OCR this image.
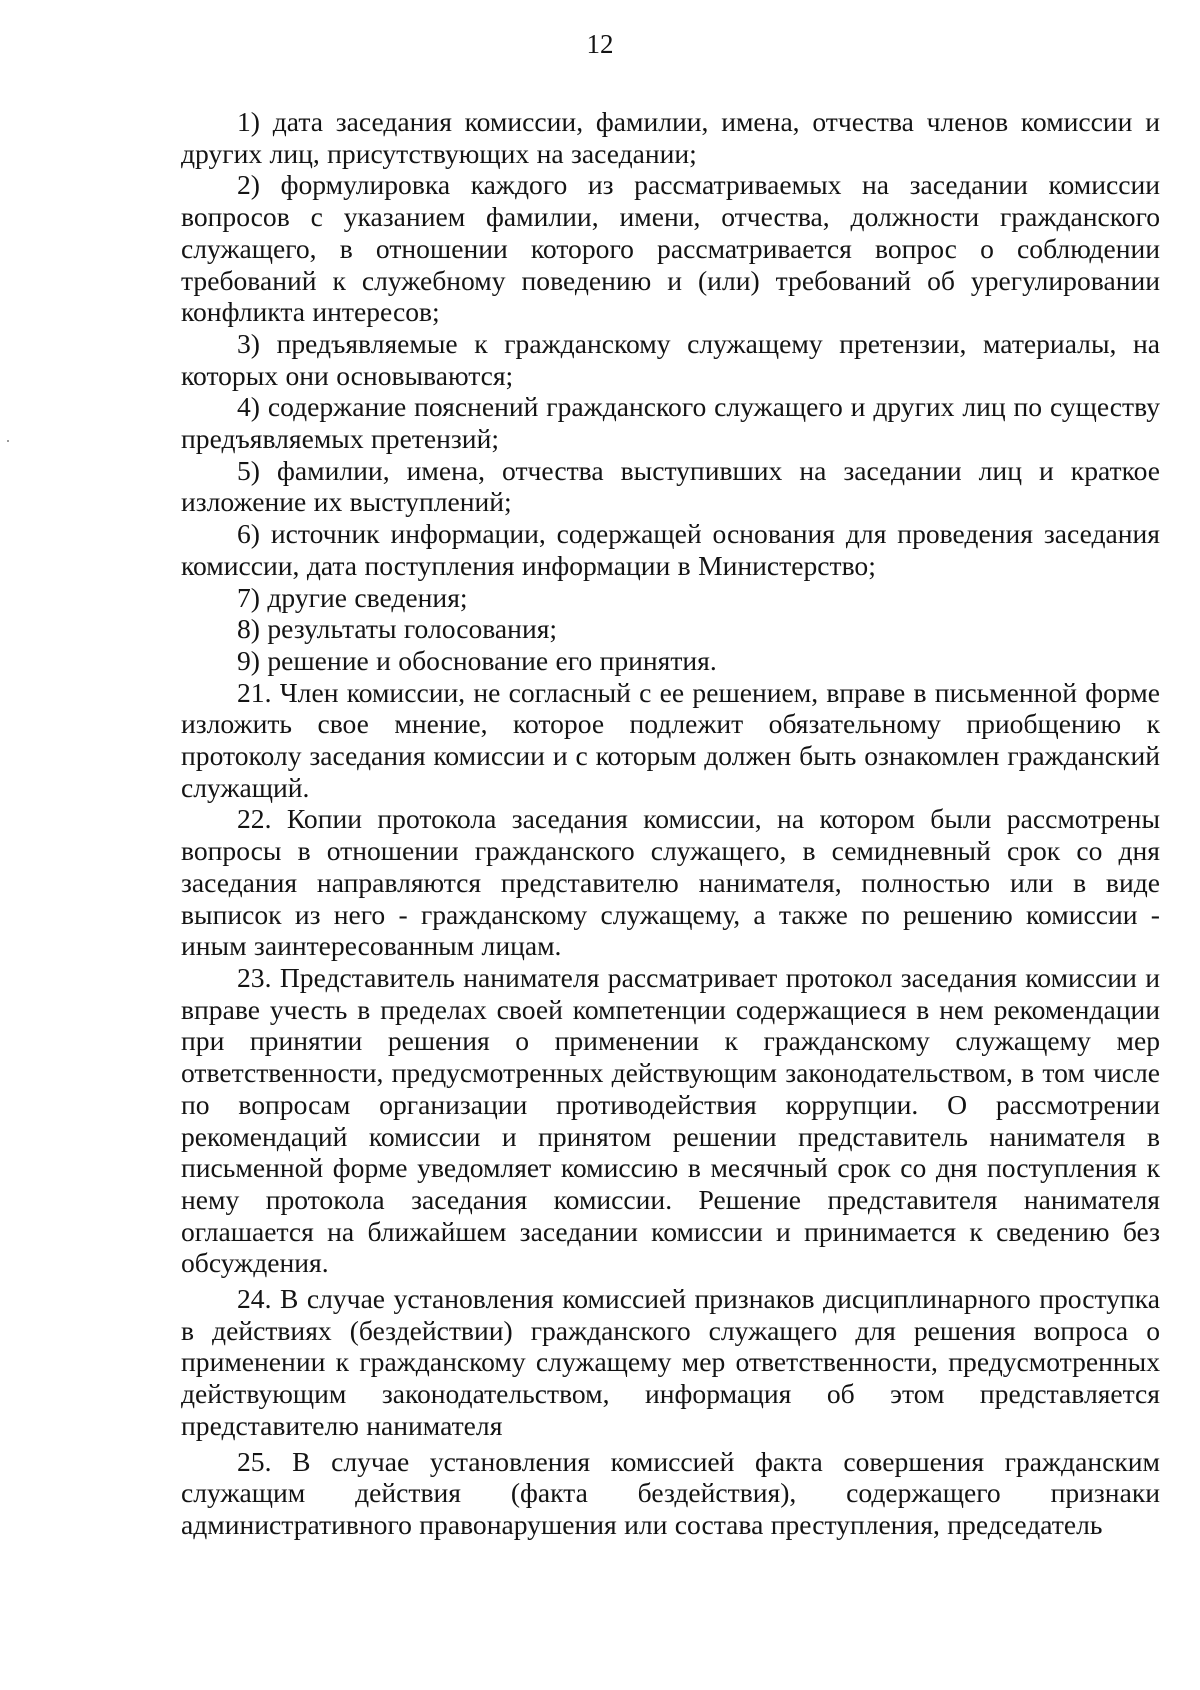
12

1) дата заседания комиссии, фамилии, имена, отчества членов комиссии и других лиц, присутствующих на заседании;

2) формулировка каждого из рассматриваемых на заседании комиссии вопросов с указанием фамилии, имени, отчества, должности гражданского служащего, в отношении которого рассматривается вопрос о соблюдении требований к служебному поведению и (или) требований об урегулировании конфликта интересов;

3) предъявляемые к гражданскому служащему претензии, материалы, на которых они основываются;

4) содержание пояснений гражданского служащего и других лиц по существу предъявляемых претензий;

5) фамилии, имена, отчества выступивших на заседании лиц и краткое изложение их выступлений;

6) источник информации, содержащей основания для проведения заседания комиссии, дата поступления информации в Министерство;

7) другие сведения;

8) результаты голосования;

9) решение и обоснование его принятия.

21. Член комиссии, не согласный с ее решением, вправе в письменной форме изложить свое мнение, которое подлежит обязательному приобщению к протоколу заседания комиссии и с которым должен быть ознакомлен гражданский служащий.

22. Копии протокола заседания комиссии, на котором были рассмотрены вопросы в отношении гражданского служащего, в семидневный срок со дня заседания направляются представителю нанимателя, полностью или в виде выписок из него - гражданскому служащему, а также по решению комиссии - иным заинтересованным лицам.

23. Представитель нанимателя рассматривает протокол заседания комиссии и вправе учесть в пределах своей компетенции содержащиеся в нем рекомендации при принятии решения о применении к гражданскому служащему мер ответственности, предусмотренных действующим законодательством, в том числе по вопросам организации противодействия коррупции. О рассмотрении рекомендаций комиссии и принятом решении представитель нанимателя в письменной форме уведомляет комиссию в месячный срок со дня поступления к нему протокола заседания комиссии. Решение представителя нанимателя оглашается на ближайшем заседании комиссии и принимается к сведению без обсуждения.

24. В случае установления комиссией признаков дисциплинарного проступка в действиях (бездействии) гражданского служащего для решения вопроса о применении к гражданскому служащему мер ответственности, предусмотренных действующим законодательством, информация об этом представляется представителю нанимателя

25. В случае установления комиссией факта совершения гражданским служащим действия (факта бездействия), содержащего признаки административного правонарушения или состава преступления, председатель
